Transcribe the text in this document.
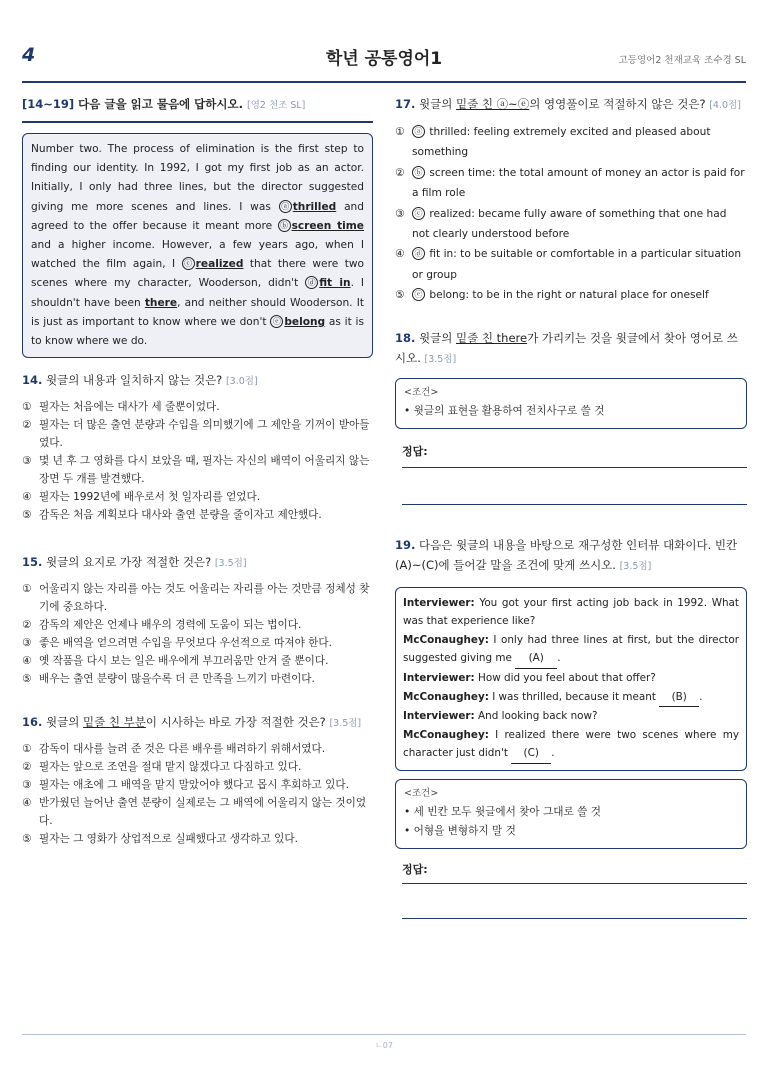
4	학년 공통영어1	고등영어2 천재교육 조수경 SL
[14~19] 다음 글을 읽고 물음에 답하시오. [영2 천조 SL]
Number two. The process of elimination is the first step to finding our identity. In 1992, I got my first job as an actor. Initially, I only had three lines, but the director suggested giving me more scenes and lines. I was ⓐ thrilled and agreed to the offer because it meant more ⓑ screen time and a higher income. However, a few years ago, when I watched the film again, I ⓒ realized that there were two scenes where my character, Wooderson, didn't ⓓ fit in. I shouldn't have been there, and neither should Wooderson. It is just as important to know where we don't ⓔ belong as it is to know where we do.
14. 윗글의 내용과 일치하지 않는 것은? [3.0점]
① 필자는 처음에는 대사가 세 줄뿐이었다.
② 필자는 더 많은 출연 분량과 수입을 의미했기에 그 제안을 기꺼이 받아들였다.
③ 몇 년 후 그 영화를 다시 보았을 때, 필자는 자신의 배역이 어울리지 않는 장면 두 개를 발견했다.
④ 필자는 1992년에 배우로서 첫 일자리를 얻었다.
⑤ 감독은 처음 계획보다 대사와 출연 분량을 줄이자고 제안했다.
15. 윗글의 요지로 가장 적절한 것은? [3.5점]
① 어울리지 않는 자리를 아는 것도 어울리는 자리를 아는 것만큼 정체성 찾기에 중요하다.
② 감독의 제안은 언제나 배우의 경력에 도움이 되는 법이다.
③ 좋은 배역을 얻으려면 수입을 무엇보다 우선적으로 따져야 한다.
④ 옛 작품을 다시 보는 일은 배우에게 부끄러움만 안겨 줄 뿐이다.
⑤ 배우는 출연 분량이 많을수록 더 큰 만족을 느끼기 마련이다.
16. 윗글의 밑줄 친 부분이 시사하는 바로 가장 적절한 것은? [3.5점]
① 감독이 대사를 늘려 준 것은 다른 배우를 배려하기 위해서였다.
② 필자는 앞으로 조연을 절대 맡지 않겠다고 다짐하고 있다.
③ 필자는 애초에 그 배역을 맡지 말았어야 했다고 몹시 후회하고 있다.
④ 반가웠던 늘어난 출연 분량이 실제로는 그 배역에 어울리지 않는 것이었다.
⑤ 필자는 그 영화가 상업적으로 실패했다고 생각하고 있다.
17. 윗글의 밑줄 친 ⓐ~ⓔ의 영영풀이로 적절하지 않은 것은? [4.0점]
①	ⓐ thrilled: feeling extremely excited and pleased about something
②	ⓑ screen time: the total amount of money an actor is paid for a film role
③	ⓒ realized: became fully aware of something that one had not clearly understood before
④	ⓓ fit in: to be suitable or comfortable in a particular situation or group
⑤	ⓔ belong: to be in the right or natural place for oneself
18. 윗글의 밑줄 친 there가 가리키는 것을 윗글에서 찾아 영어로 쓰시오. [3.5점]
<조건>
• 윗글의 표현을 활용하여 전치사구로 쓸 것
정답:
19. 다음은 윗글의 내용을 바탕으로 재구성한 인터뷰 대화이다. 빈칸 (A)~(C)에 들어갈 말을 조건에 맞게 쓰시오. [3.5점]
Interviewer: You got your first acting job back in 1992. What was that experience like?
McConaughey: I only had three lines at first, but the director suggested giving me (A) .
Interviewer: How did you feel about that offer?
McConaughey: I was thrilled, because it meant (B) .
Interviewer: And looking back now?
McConaughey: I realized there were two scenes where my character just didn't (C) .
<조건>
• 세 빈칸 모두 윗글에서 찾아 그대로 쓸 것
• 어형을 변형하지 말 것
정답:
ㄴ07
